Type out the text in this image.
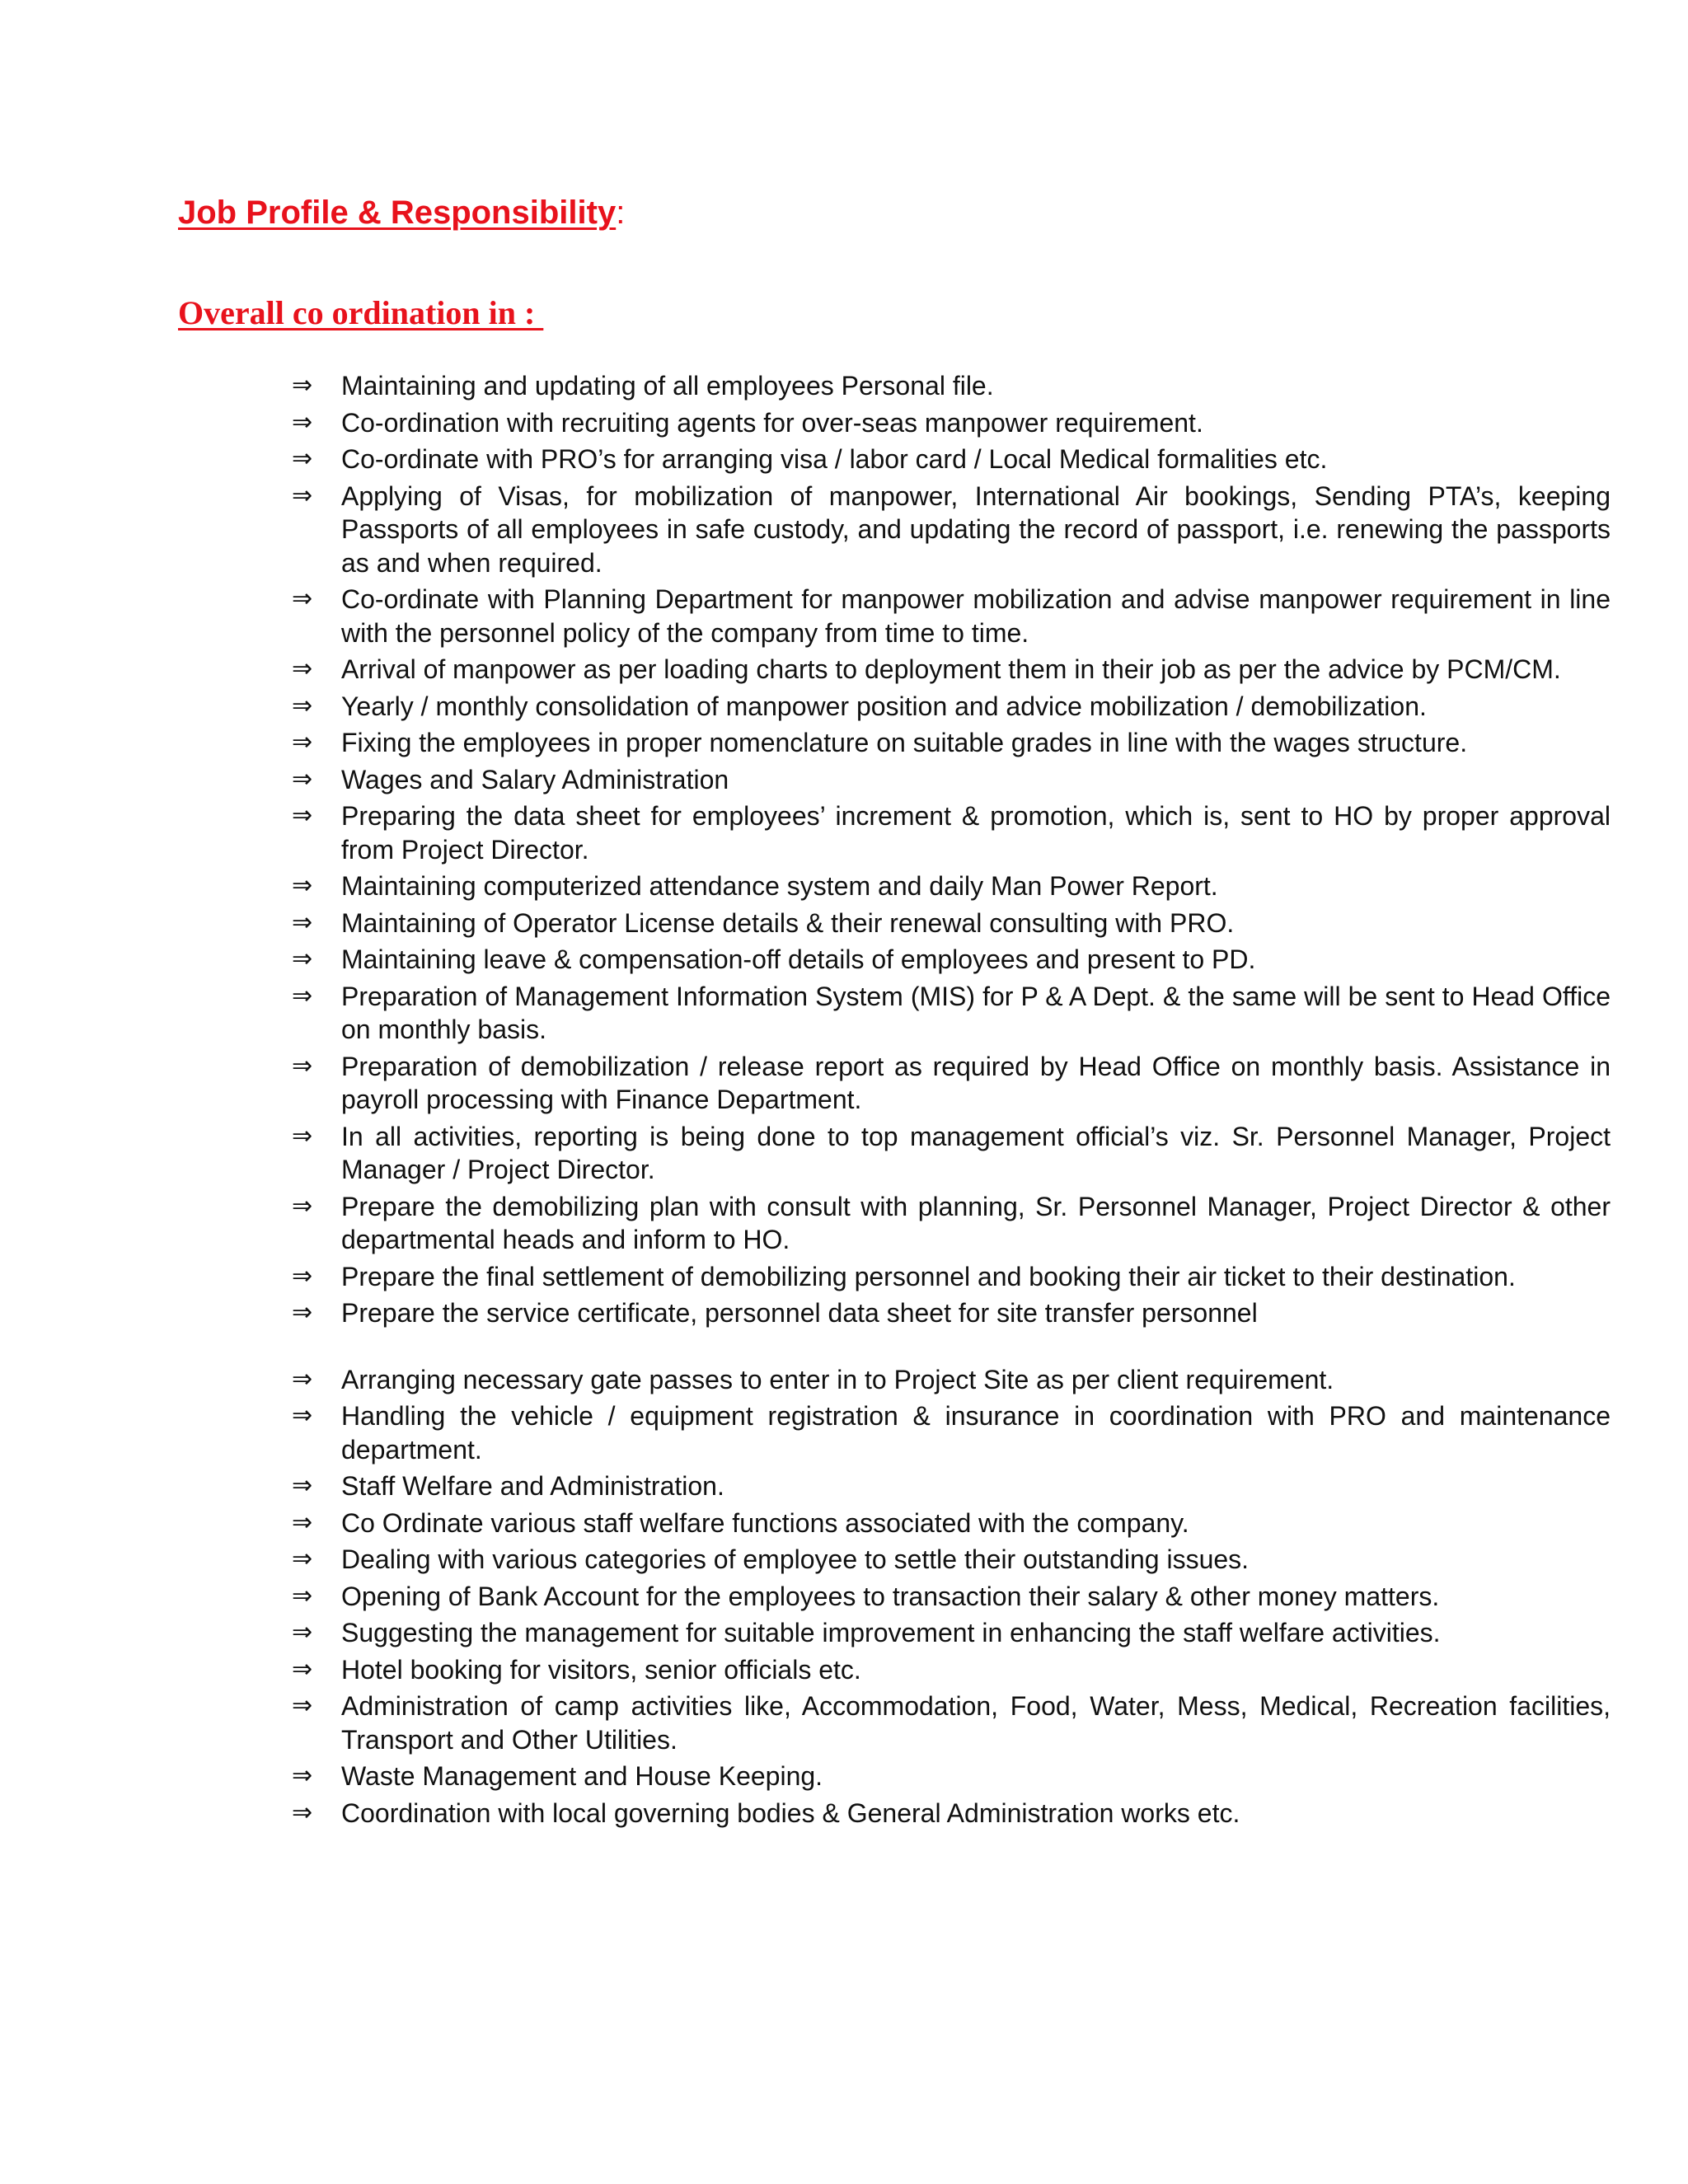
Job Profile & Responsibility:
Overall co ordination in :
⇒ Maintaining and updating of all employees Personal file.
⇒ Co-ordination with recruiting agents for over-seas manpower requirement.
⇒ Co-ordinate with PRO’s for arranging visa / labor card / Local Medical formalities etc.
⇒ Applying of Visas, for mobilization of manpower, International Air bookings, Sending PTA’s, keeping Passports of all employees in safe custody, and updating the record of passport, i.e. renewing the passports as and when required.
⇒ Co-ordinate with Planning Department for manpower mobilization and advise manpower requirement in line with the personnel policy of the company from time to time.
⇒ Arrival of manpower as per loading charts to deployment them in their job as per the advice by PCM/CM.
⇒ Yearly / monthly consolidation of manpower position and advice mobilization / demobilization.
⇒ Fixing the employees in proper nomenclature on suitable grades in line with the wages structure.
⇒ Wages and Salary Administration
⇒ Preparing the data sheet for employees’ increment & promotion, which is, sent to HO by proper approval from Project Director.
⇒ Maintaining computerized attendance system and daily Man Power Report.
⇒ Maintaining of Operator License details & their renewal consulting with PRO.
⇒ Maintaining leave & compensation-off details of employees and present to PD.
⇒ Preparation of Management Information System (MIS) for P & A Dept. & the same will be sent to Head Office on monthly basis.
⇒ Preparation of demobilization / release report as required by Head Office on monthly basis. Assistance in payroll processing with Finance Department.
⇒ In all activities, reporting is being done to top management official’s viz. Sr. Personnel Manager, Project Manager / Project Director.
⇒ Prepare the demobilizing plan with consult with planning, Sr. Personnel Manager, Project Director & other departmental heads and inform to HO.
⇒ Prepare the final settlement of demobilizing personnel and booking their air ticket to their destination.
⇒ Prepare the service certificate, personnel data sheet for site transfer personnel
⇒ Arranging necessary gate passes to enter in to Project Site as per client requirement.
⇒ Handling the vehicle / equipment registration & insurance in coordination with PRO and maintenance department.
⇒ Staff Welfare and Administration.
⇒ Co Ordinate various staff welfare functions associated with the company.
⇒ Dealing with various categories of employee to settle their outstanding issues.
⇒ Opening of Bank Account for the employees to transaction their salary & other money matters.
⇒ Suggesting the management for suitable improvement in enhancing the staff welfare activities.
⇒ Hotel booking for visitors, senior officials etc.
⇒ Administration of camp activities like, Accommodation, Food, Water, Mess, Medical, Recreation facilities, Transport and Other Utilities.
⇒ Waste Management and House Keeping.
⇒ Coordination with local governing bodies & General Administration works etc.
